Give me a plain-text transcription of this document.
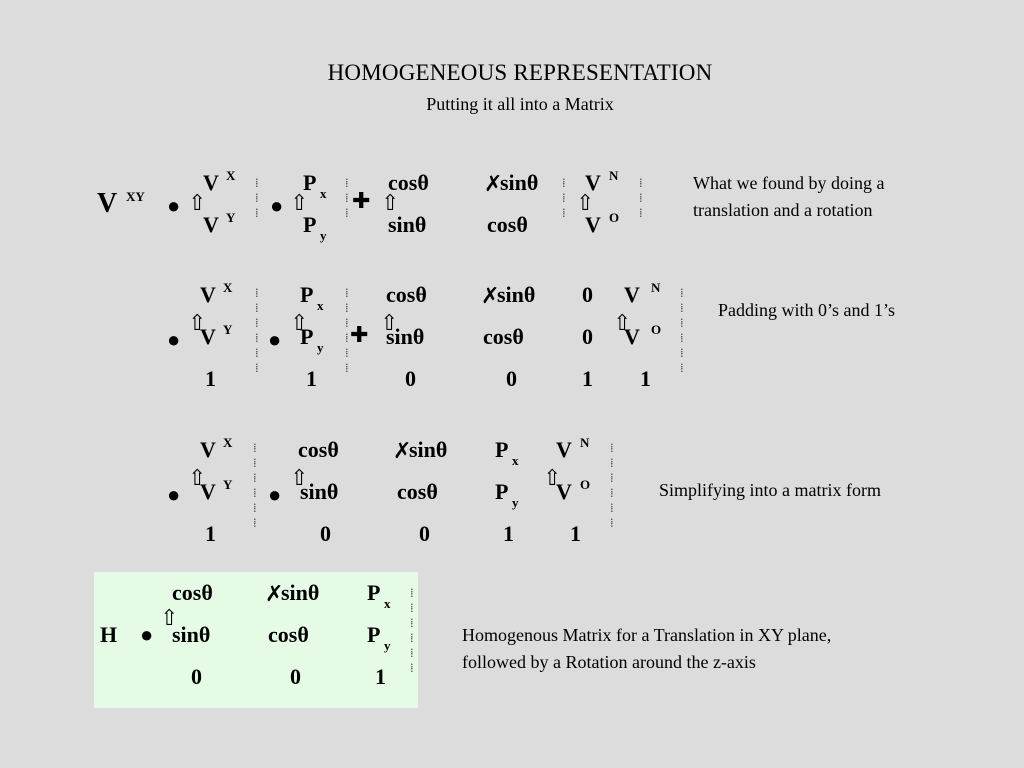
HOMOGENEOUS REPRESENTATION
Putting it all into a Matrix
V XY ● ⇧
V X
V Y
⁞
⁞
⁞ ● ⇧
P x
P y
⁞
⁞
⁞ ✚ ⇧
cosθ
sinθ
✗
sinθ
cosθ
⁞
⁞
⁞ ⇧
V N
V O
⁞
⁞
⁞
What we found by doing a translation and a rotation
●
⇧
V X
V Y
1
⁞
⁞
⁞
⁞
⁞
⁞
●
⇧
P x
P y
1
⁞
⁞
⁞
⁞
⁞
⁞
✚ ⇧
cosθ
sinθ
0
✗
sinθ
cosθ
0
0
0
1
⇧
V N
V O
1
⁞
⁞
⁞
⁞
⁞
⁞
Padding with 0’s and 1’s
●
⇧
V X
V Y
1
⁞
⁞
⁞
⁞
⁞
⁞
●
⇧
cosθ
sinθ
0
✗
sinθ
cosθ
0
P x
P y
1
⇧
V N
V O
1
⁞
⁞
⁞
⁞
⁞
⁞
Simplifying into a matrix form
H ●
⇧
cosθ
sinθ
0
✗
sinθ
cosθ
0
P x
P y
1
⁞
⁞
⁞
⁞
⁞
⁞
Homogenous Matrix for a Translation in XY plane, followed by a Rotation around the z-axis
